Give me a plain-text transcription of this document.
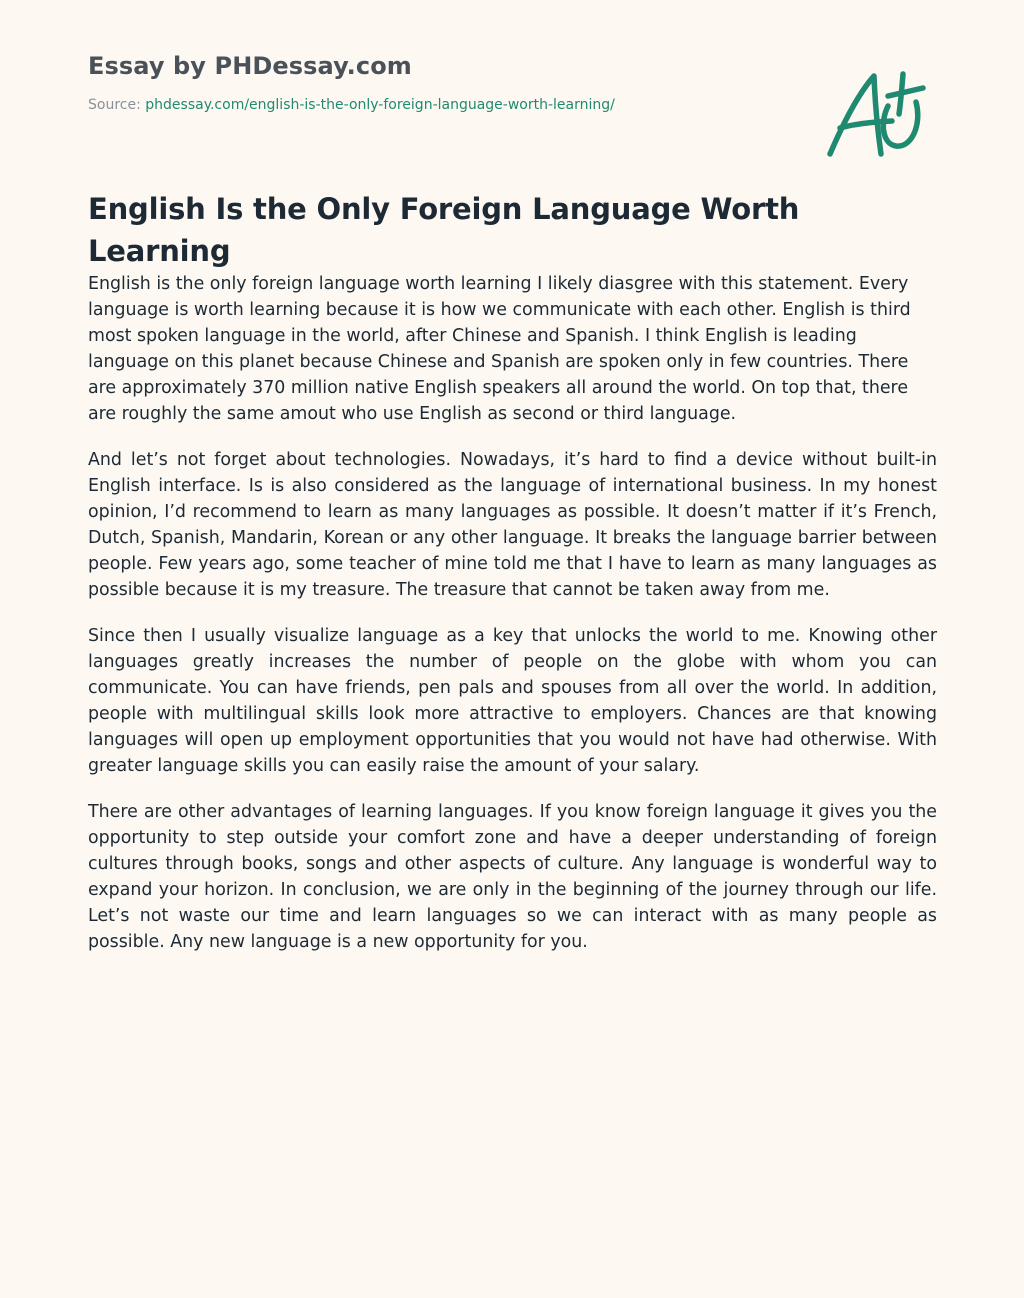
Essay by PHDessay.com
Source: phdessay.com/english-is-the-only-foreign-language-worth-learning/
English Is the Only Foreign Language Worth Learning

English is the only foreign language worth learning I likely diasgree with this statement. Every language is worth learning because it is how we communicate with each other. English is third most spoken language in the world, after Chinese and Spanish. I think English is leading language on this planet because Chinese and Spanish are spoken only in few countries. There are approximately 370 million native English speakers all around the world. On top that, there are roughly the same amout who use English as second or third language.

And let’s not forget about technologies. Nowadays, it’s hard to find a device without built-in English interface. Is is also considered as the language of international business. In my honest opinion, I’d recommend to learn as many languages as possible. It doesn’t matter if it’s French, Dutch, Spanish, Mandarin, Korean or any other language. It breaks the language barrier between people. Few years ago, some teacher of mine told me that I have to learn as many languages as possible because it is my treasure. The treasure that cannot be taken away from me.

Since then I usually visualize language as a key that unlocks the world to me. Knowing other languages greatly increases the number of people on the globe with whom you can communicate. You can have friends, pen pals and spouses from all over the world. In addition, people with multilingual skills look more attractive to employers. Chances are that knowing languages will open up employment opportunities that you would not have had otherwise. With greater language skills you can easily raise the amount of your salary.

There are other advantages of learning languages. If you know foreign language it gives you the opportunity to step outside your comfort zone and have a deeper understanding of foreign cultures through books, songs and other aspects of culture. Any language is wonderful way to expand your horizon. In conclusion, we are only in the beginning of the journey through our life. Let’s not waste our time and learn languages so we can interact with as many people as possible. Any new language is a new opportunity for you.
